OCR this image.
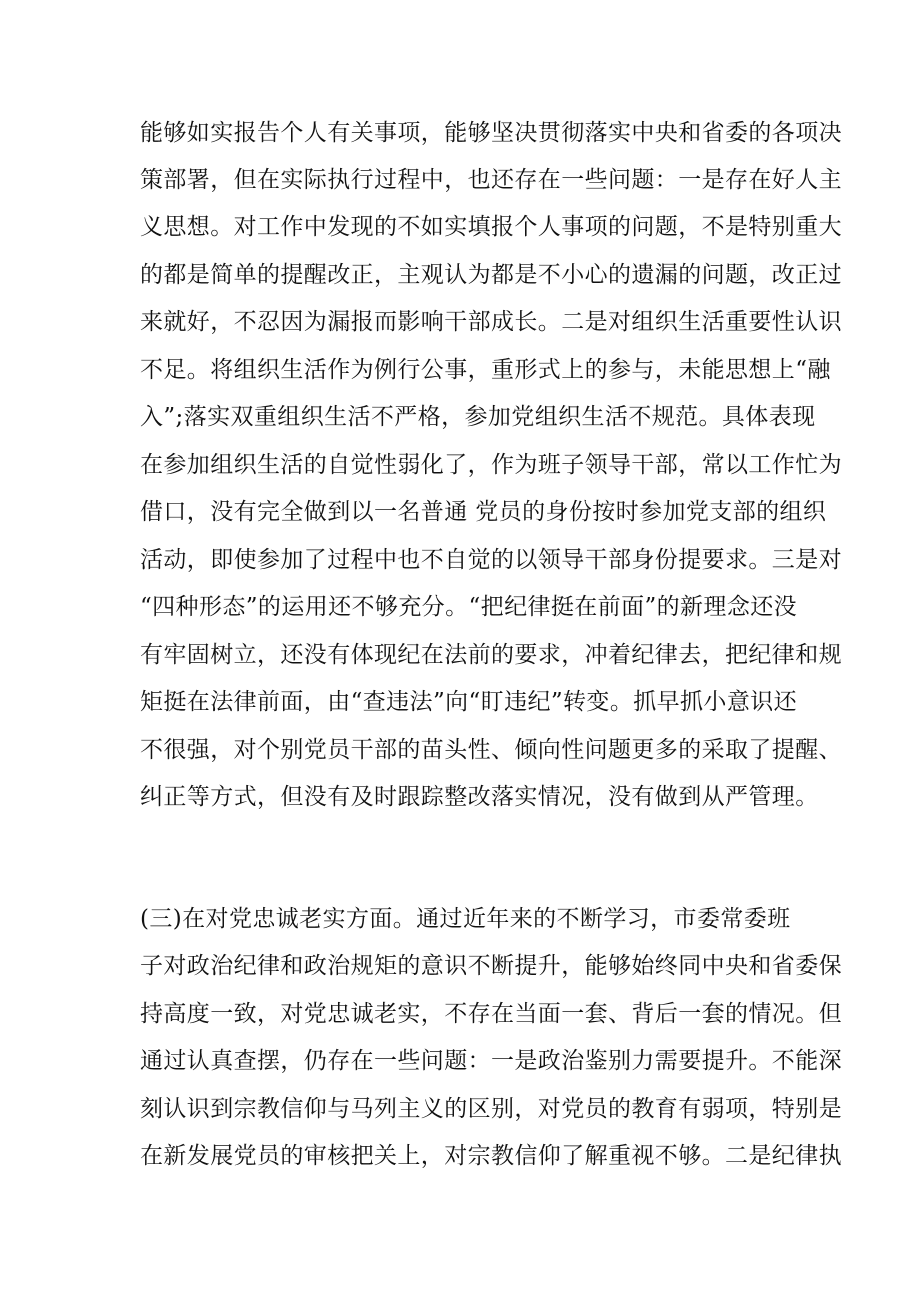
能够如实报告个人有关事项，能够坚决贯彻落实中央和省委的各项决
策部署，但在实际执行过程中，也还存在一些问题：一是存在好人主
义思想。对工作中发现的不如实填报个人事项的问题，不是特别重大
的都是简单的提醒改正，主观认为都是不小心的遗漏的问题，改正过
来就好，不忍因为漏报而影响干部成长。二是对组织生活重要性认识
不足。将组织生活作为例行公事，重形式上的参与，未能思想上“融
入”;落实双重组织生活不严格，参加党组织生活不规范。具体表现
在参加组织生活的自觉性弱化了，作为班子领导干部，常以工作忙为
借口，没有完全做到以一名普通 党员的身份按时参加党支部的组织
活动，即使参加了过程中也不自觉的以领导干部身份提要求。三是对
“四种形态”的运用还不够充分。“把纪律挺在前面”的新理念还没
有牢固树立，还没有体现纪在法前的要求，冲着纪律去，把纪律和规
矩挺在法律前面，由“查违法”向“盯违纪”转变。抓早抓小意识还
不很强，对个别党员干部的苗头性、倾向性问题更多的采取了提醒、
纠正等方式，但没有及时跟踪整改落实情况，没有做到从严管理。
(三)在对党忠诚老实方面。通过近年来的不断学习，市委常委班
子对政治纪律和政治规矩的意识不断提升，能够始终同中央和省委保
持高度一致，对党忠诚老实，不存在当面一套、背后一套的情况。但
通过认真查摆，仍存在一些问题：一是政治鉴别力需要提升。不能深
刻认识到宗教信仰与马列主义的区别，对党员的教育有弱项，特别是
在新发展党员的审核把关上，对宗教信仰了解重视不够。二是纪律执
